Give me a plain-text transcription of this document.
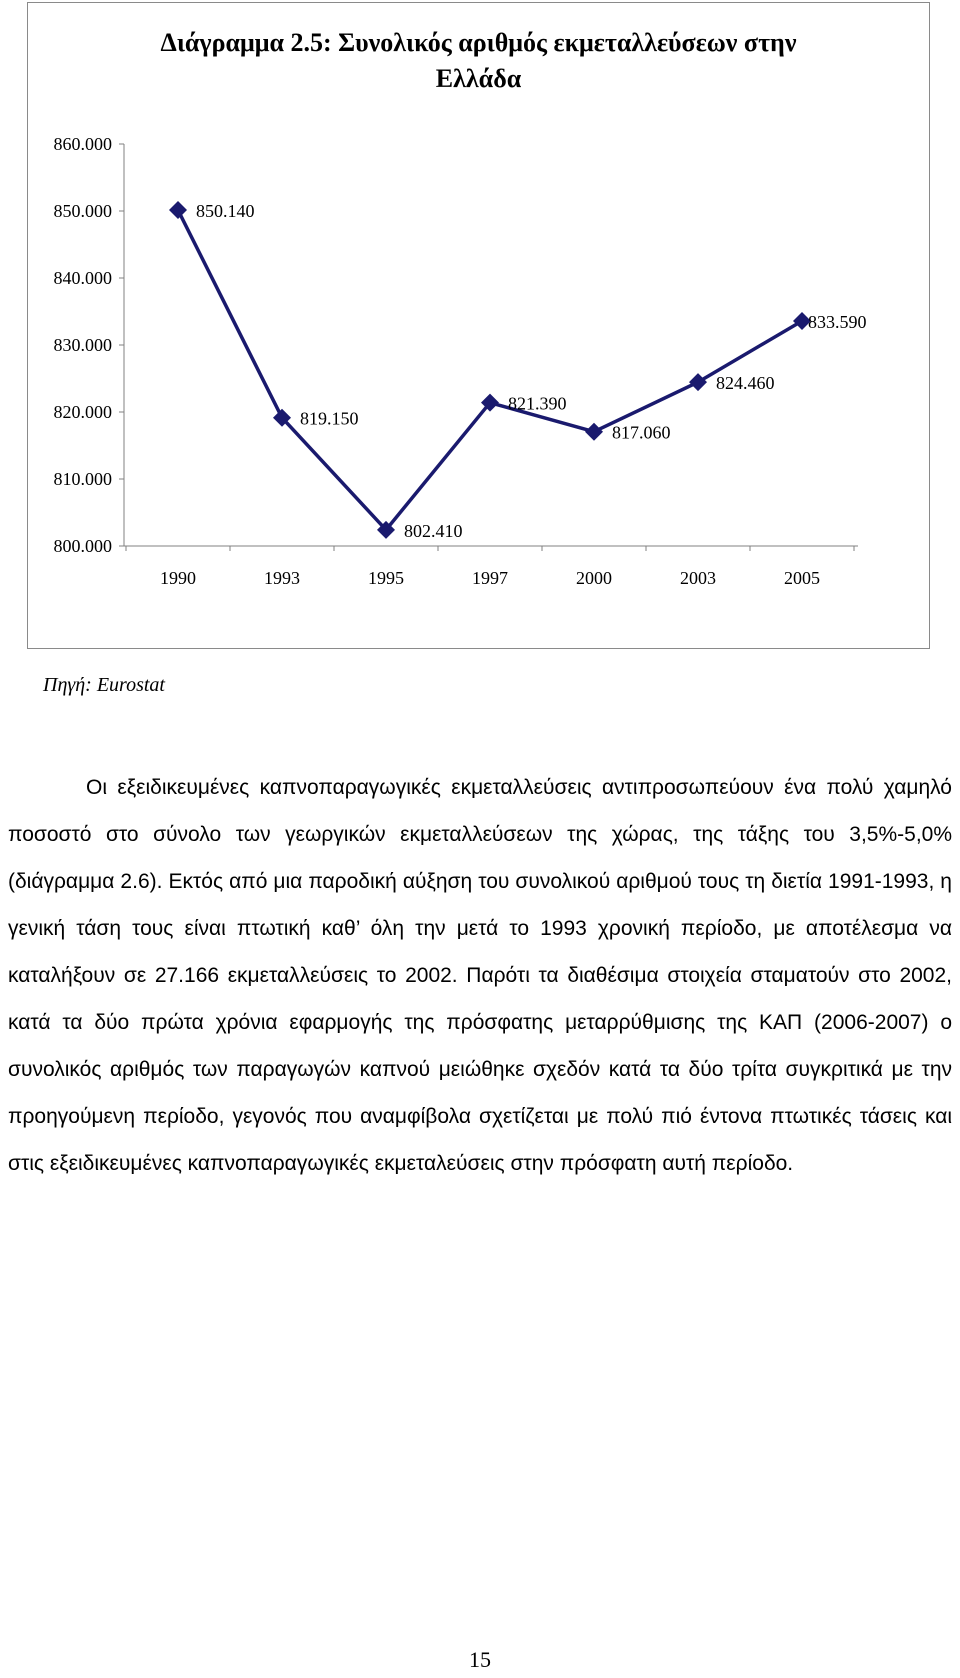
Διάγραμμα 2.5: Συνολικός αριθμός εκμεταλλεύσεων στην
Ελλάδα
800.000
810.000
820.000
830.000
840.000
850.000
860.000
1990	1993	1995	1997	2000	2003	2005
850.140
819.150
802.410
821.390
817.060
824.460
833.590
Πηγή: Eurostat

Οι εξειδικευμένες καπνοπαραγωγικές εκμεταλλεύσεις αντιπροσωπεύουν ένα πολύ χαμηλό ποσοστό στο σύνολο των γεωργικών εκμεταλλεύσεων της χώρας, της τάξης του 3,5%-5,0% (διάγραμμα 2.6). Εκτός από μια παροδική αύξηση του συνολικού αριθμού τους τη διετία 1991-1993, η γενική τάση τους είναι πτωτική καθ’ όλη την μετά το 1993 χρονική περίοδο, με αποτέλεσμα να καταλήξουν σε 27.166 εκμεταλλεύσεις το 2002. Παρότι τα διαθέσιμα στοιχεία σταματούν στο 2002, κατά τα δύο πρώτα χρόνια εφαρμογής της πρόσφατης μεταρρύθμισης της ΚΑΠ (2006-2007) ο συνολικός αριθμός των παραγωγών καπνού μειώθηκε σχεδόν κατά τα δύο τρίτα συγκριτικά με την προηγούμενη περίοδο, γεγονός που αναμφίβολα σχετίζεται με πολύ πιό έντονα πτωτικές τάσεις και στις εξειδικευμένες καπνοπαραγωγικές εκμεταλεύσεις στην πρόσφατη αυτή περίοδο.

15
